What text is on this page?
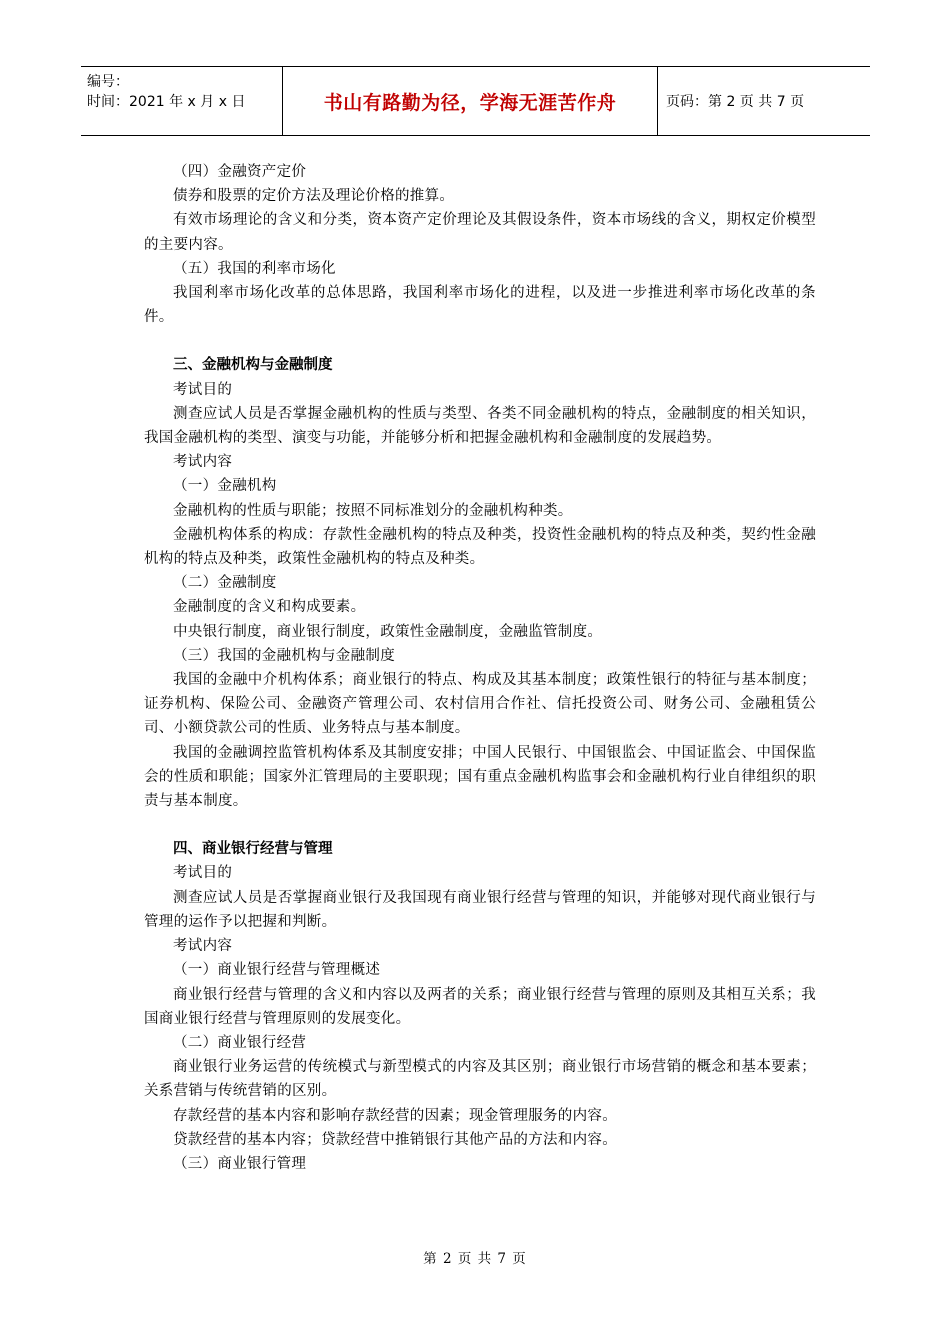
编号：
时间：2021 年 x 月 x 日	书山有路勤为径，学海无涯苦作舟	页码：第 2 页 共 7 页

（四）金融资产定价

债券和股票的定价方法及理论价格的推算。

有效市场理论的含义和分类，资本资产定价理论及其假设条件，资本市场线的含义，期权定价模型的主要内容。

（五）我国的利率市场化

我国利率市场化改革的总体思路，我国利率市场化的进程，以及进一步推进利率市场化改革的条件。

三、金融机构与金融制度

考试目的

测查应试人员是否掌握金融机构的性质与类型、各类不同金融机构的特点，金融制度的相关知识，我国金融机构的类型、演变与功能，并能够分析和把握金融机构和金融制度的发展趋势。

考试内容

（一）金融机构

金融机构的性质与职能；按照不同标准划分的金融机构种类。

金融机构体系的构成：存款性金融机构的特点及种类，投资性金融机构的特点及种类，契约性金融机构的特点及种类，政策性金融机构的特点及种类。

（二）金融制度

金融制度的含义和构成要素。

中央银行制度，商业银行制度，政策性金融制度，金融监管制度。

（三）我国的金融机构与金融制度

我国的金融中介机构体系；商业银行的特点、构成及其基本制度；政策性银行的特征与基本制度；证券机构、保险公司、金融资产管理公司、农村信用合作社、信托投资公司、财务公司、金融租赁公司、小额贷款公司的性质、业务特点与基本制度。

我国的金融调控监管机构体系及其制度安排；中国人民银行、中国银监会、中国证监会、中国保监会的性质和职能；国家外汇管理局的主要职现；国有重点金融机构监事会和金融机构行业自律组织的职责与基本制度。

四、商业银行经营与管理

考试目的

测查应试人员是否掌握商业银行及我国现有商业银行经营与管理的知识，并能够对现代商业银行与管理的运作予以把握和判断。

考试内容

（一）商业银行经营与管理概述

商业银行经营与管理的含义和内容以及两者的关系；商业银行经营与管理的原则及其相互关系；我国商业银行经营与管理原则的发展变化。

（二）商业银行经营

商业银行业务运营的传统模式与新型模式的内容及其区别；商业银行市场营销的概念和基本要素；关系营销与传统营销的区别。

存款经营的基本内容和影响存款经营的因素；现金管理服务的内容。

贷款经营的基本内容；贷款经营中推销银行其他产品的方法和内容。

（三）商业银行管理

第 2 页 共 7 页
